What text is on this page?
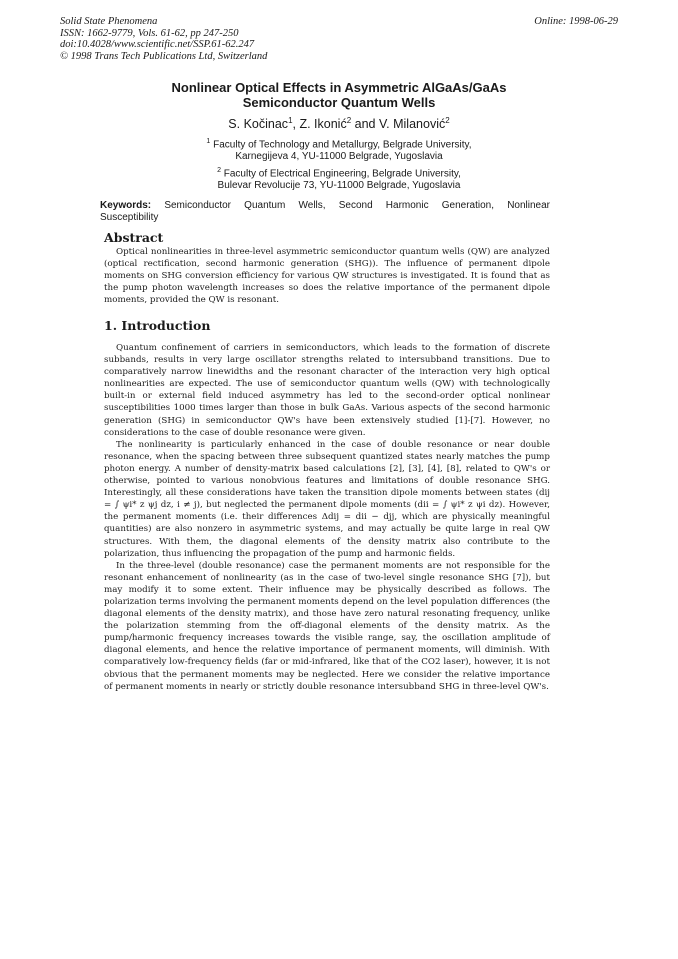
Solid State Phenomena
ISSN: 1662-9779, Vols. 61-62, pp 247-250
doi:10.4028/www.scientific.net/SSP.61-62.247
© 1998 Trans Tech Publications Ltd, Switzerland
Online: 1998-06-29
Nonlinear Optical Effects in Asymmetric AlGaAs/GaAs
Semiconductor Quantum Wells
S. Kočinac$^1$, Z. Ikonić$^2$ and V. Milanović$^2$
$^1$ Faculty of Technology and Metallurgy, Belgrade University,
Karnegijeva 4, YU-11000 Belgrade, Yugoslavia
$^2$ Faculty of Electrical Engineering, Belgrade University,
Bulevar Revolucije 73, YU-11000 Belgrade, Yugoslavia
Keywords: Semiconductor Quantum Wells, Second Harmonic Generation, Nonlinear
Susceptibility
Abstract

Optical nonlinearities in three-level asymmetric semiconductor quantum wells (QW) are analyzed (optical rectification, second harmonic generation (SHG)). The influence of permanent dipole moments on SHG conversion efficiency for various QW structures is investigated. It is found that as the pump photon wavelength increases so does the relative importance of the permanent dipole moments, provided the QW is resonant.

1. Introduction

Quantum confinement of carriers in semiconductors, which leads to the formation of discrete subbands, results in very large oscillator strengths related to intersubband transitions. Due to comparatively narrow linewidths and the resonant character of the interaction very high optical nonlinearities are expected. The use of semiconductor quantum wells (QW) with technologically built-in or external field induced asymmetry has led to the second-order optical nonlinear susceptibilities 1000 times larger than those in bulk GaAs. Various aspects of the second harmonic generation (SHG) in semiconductor QW's have been extensively studied [1]-[7]. However, no considerations to the case of double resonance were given.

The nonlinearity is particularly enhanced in the case of double resonance or near double resonance, when the spacing between three subsequent quantized states nearly matches the pump photon energy. A number of density-matrix based calculations [2], [3], [4], [8], related to QW's or otherwise, pointed to various nonobvious features and limitations of double resonance SHG. Interestingly, all these considerations have taken the transition dipole moments between states (dij = ∫ ψi* z ψj dz, i ≠ j), but neglected the permanent dipole moments (dii = ∫ ψi* z ψi dz). However, the permanent moments (i.e. their differences Δdij = dii − djj, which are physically meaningful quantities) are also nonzero in asymmetric systems, and may actually be quite large in real QW structures. With them, the diagonal elements of the density matrix also contribute to the polarization, thus influencing the propagation of the pump and harmonic fields.

In the three-level (double resonance) case the permanent moments are not responsible for the resonant enhancement of nonlinearity (as in the case of two-level single resonance SHG [7]), but may modify it to some extent. Their influence may be physically described as follows. The polarization terms involving the permanent moments depend on the level population differences (the diagonal elements of the density matrix), and those have zero natural resonating frequency, unlike the polarization stemming from the off-diagonal elements of the density matrix. As the pump/harmonic frequency increases towards the visible range, say, the oscillation amplitude of diagonal elements, and hence the relative importance of permanent moments, will diminish. With comparatively low-frequency fields (far or mid-infrared, like that of the CO2 laser), however, it is not obvious that the permanent moments may be neglected. Here we consider the relative importance of permanent moments in nearly or strictly double resonance intersubband SHG in three-level QW's.
